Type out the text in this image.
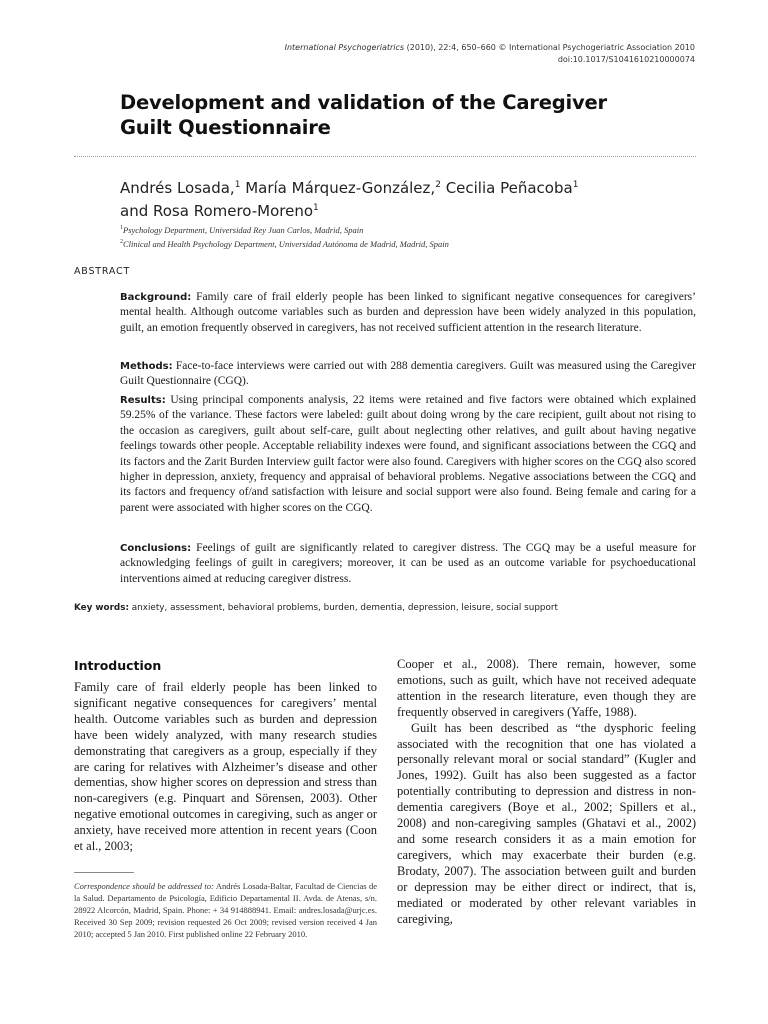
International Psychogeriatrics (2010), 22:4, 650–660 © International Psychogeriatric Association 2010
doi:10.1017/S1041610210000074
Development and validation of the Caregiver
Guilt Questionnaire
Andrés Losada,$^1$ María Márquez-González,$^2$ Cecilia Peñacoba$^1$
and Rosa Romero-Moreno$^1$
$^1$Psychology Department, Universidad Rey Juan Carlos, Madrid, Spain
$^2$Clinical and Health Psychology Department, Universidad Autónoma de Madrid, Madrid, Spain
ABSTRACT
Background: Family care of frail elderly people has been linked to significant negative consequences for caregivers’ mental health. Although outcome variables such as burden and depression have been widely analyzed in this population, guilt, an emotion frequently observed in caregivers, has not received sufficient attention in the research literature.
Methods: Face-to-face interviews were carried out with 288 dementia caregivers. Guilt was measured using the Caregiver Guilt Questionnaire (CGQ).
Results: Using principal components analysis, 22 items were retained and five factors were obtained which explained 59.25% of the variance. These factors were labeled: guilt about doing wrong by the care recipient, guilt about not rising to the occasion as caregivers, guilt about self-care, guilt about neglecting other relatives, and guilt about having negative feelings towards other people. Acceptable reliability indexes were found, and significant associations between the CGQ and its factors and the Zarit Burden Interview guilt factor were also found. Caregivers with higher scores on the CGQ also scored higher in depression, anxiety, frequency and appraisal of behavioral problems. Negative associations between the CGQ and its factors and frequency of/and satisfaction with leisure and social support were also found. Being female and caring for a parent were associated with higher scores on the CGQ.
Conclusions: Feelings of guilt are significantly related to caregiver distress. The CGQ may be a useful measure for acknowledging feelings of guilt in caregivers; moreover, it can be used as an outcome variable for psychoeducational interventions aimed at reducing caregiver distress.
Key words: anxiety, assessment, behavioral problems, burden, dementia, depression, leisure, social support
Introduction
Family care of frail elderly people has been linked to significant negative consequences for caregivers’ mental health. Outcome variables such as burden and depression have been widely analyzed, with many research studies demonstrating that caregivers as a group, especially if they are caring for relatives with Alzheimer’s disease and other dementias, show higher scores on depression and stress than non-caregivers (e.g. Pinquart and Sörensen, 2003). Other negative emotional outcomes in caregiving, such as anger or anxiety, have received more attention in recent years (Coon et al., 2003;
Correspondence should be addressed to: Andrés Losada-Baltar, Facultad de Ciencias de la Salud. Departamento de Psicología, Edificio Departamental II. Avda. de Atenas, s/n. 28922 Alcorcón, Madrid, Spain. Phone: + 34 914888941. Email: andres.losada@urjc.es. Received 30 Sep 2009; revision requested 26 Oct 2009; revised version received 4 Jan 2010; accepted 5 Jan 2010. First published online 22 February 2010.

Cooper et al., 2008). There remain, however, some emotions, such as guilt, which have not received adequate attention in the research literature, even though they are frequently observed in caregivers (Yaffe, 1988).

Guilt has been described as “the dysphoric feeling associated with the recognition that one has violated a personally relevant moral or social standard” (Kugler and Jones, 1992). Guilt has also been suggested as a factor potentially contributing to depression and distress in non-dementia caregivers (Boye et al., 2002; Spillers et al., 2008) and non-caregiving samples (Ghatavi et al., 2002) and some research considers it as a main emotion for caregivers, which may exacerbate their burden (e.g. Brodaty, 2007). The association between guilt and burden or depression may be either direct or indirect, that is, mediated or moderated by other relevant variables in caregiving,
